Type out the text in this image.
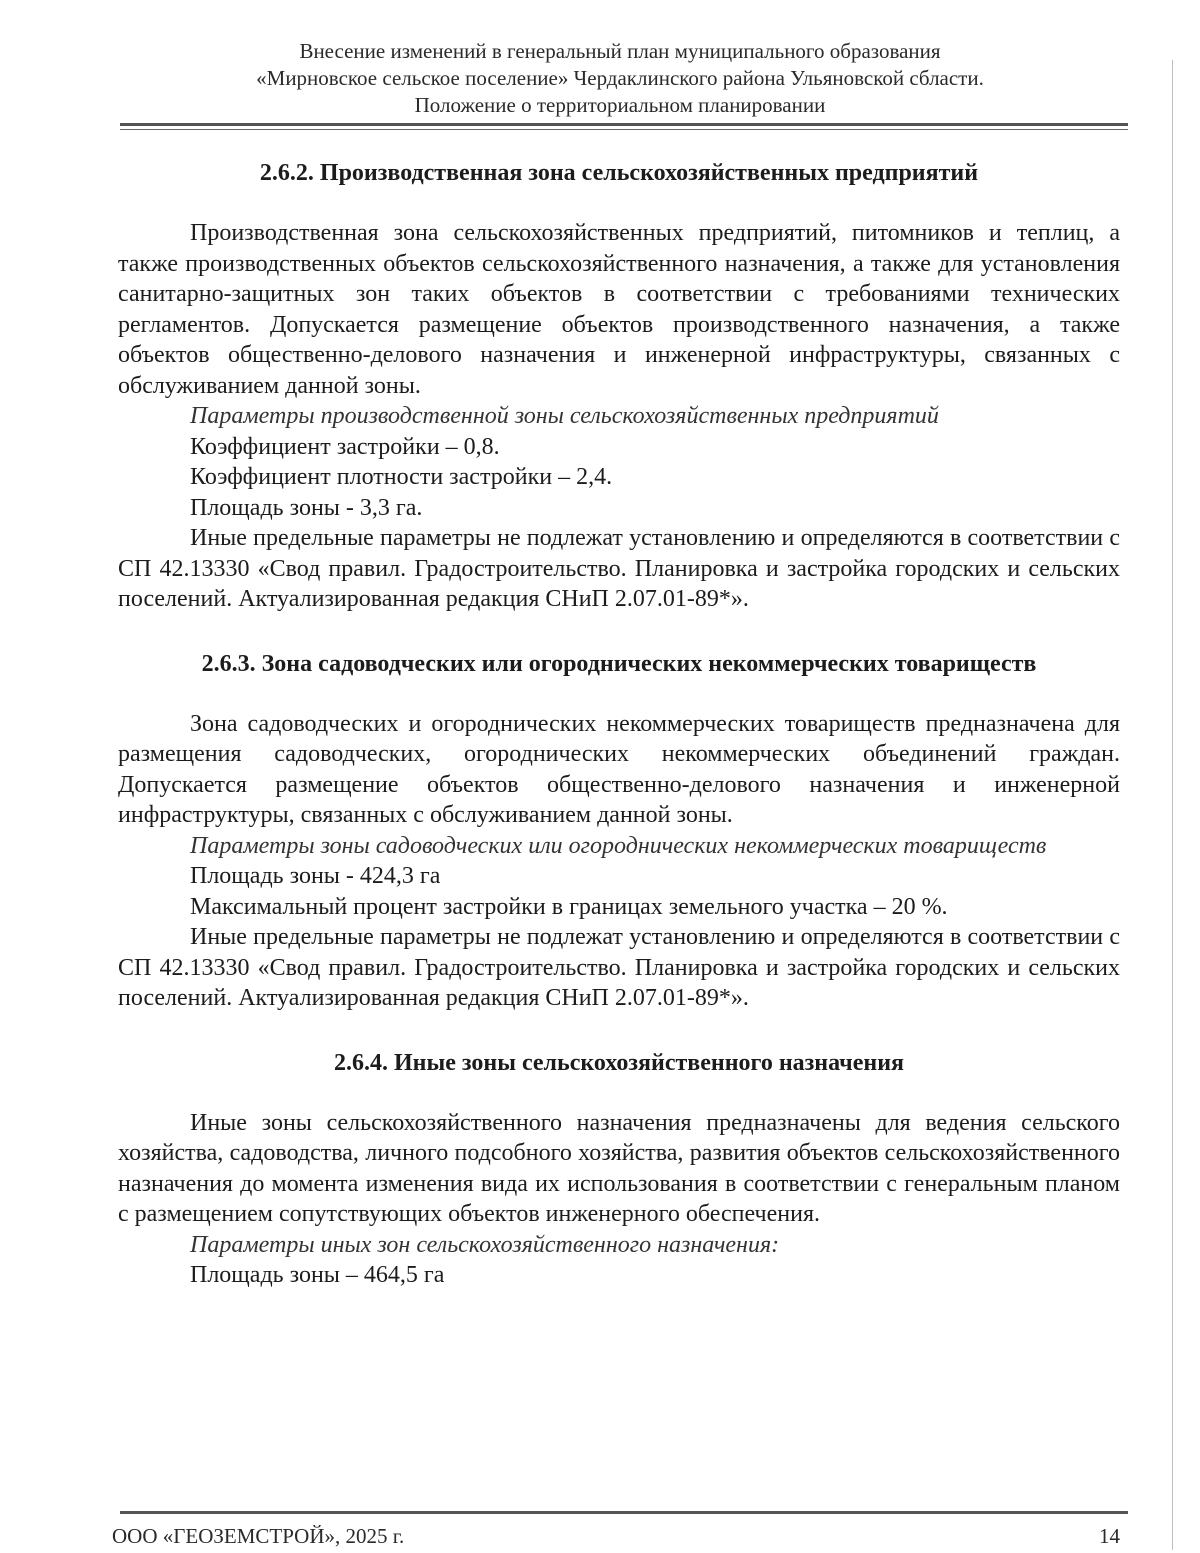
Внесение изменений в генеральный план муниципального образования
«Мирновское сельское поселение» Чердаклинского района Ульяновской сбласти.
Положение о территориальном планировании
2.6.2. Производственная зона сельскохозяйственных предприятий

Производственная зона сельскохозяйственных предприятий, питомников и теплиц, а также производственных объектов сельскохозяйственного назначения, а также для установления санитарно-защитных зон таких объектов в соответствии с требованиями технических регламентов. Допускается размещение объектов производственного назначения, а также объектов общественно-делового назначения и инженерной инфраструктуры, связанных с обслуживанием данной зоны.

Параметры производственной зоны сельскохозяйственных предприятий

Коэффициент застройки – 0,8.

Коэффициент плотности застройки – 2,4.

Площадь зоны - 3,3 га.

Иные предельные параметры не подлежат установлению и определяются в соответствии с СП 42.13330 «Свод правил. Градостроительство. Планировка и застройка городских и сельских поселений. Актуализированная редакция СНиП 2.07.01-89*».

2.6.3. Зона садоводческих или огороднических некоммерческих товариществ

Зона садоводческих и огороднических некоммерческих товариществ предназначена для размещения садоводческих, огороднических некоммерческих объединений граждан. Допускается размещение объектов общественно-делового назначения и инженерной инфраструктуры, связанных с обслуживанием данной зоны.

Параметры зоны садоводческих или огороднических некоммерческих товариществ

Площадь зоны - 424,3 га

Максимальный процент застройки в границах земельного участка – 20 %.

Иные предельные параметры не подлежат установлению и определяются в соответствии с СП 42.13330 «Свод правил. Градостроительство. Планировка и застройка городских и сельских поселений. Актуализированная редакция СНиП 2.07.01-89*».

2.6.4. Иные зоны сельскохозяйственного назначения

Иные зоны сельскохозяйственного назначения предназначены для ведения сельского хозяйства, садоводства, личного подсобного хозяйства, развития объектов сельскохозяйственного назначения до момента изменения вида их использования в соответствии с генеральным планом с размещением сопутствующих объектов инженерного обеспечения.

Параметры иных зон сельскохозяйственного назначения:

Площадь зоны – 464,5 га

ООО «ГЕОЗЕМСТРОЙ», 2025 г.	14
